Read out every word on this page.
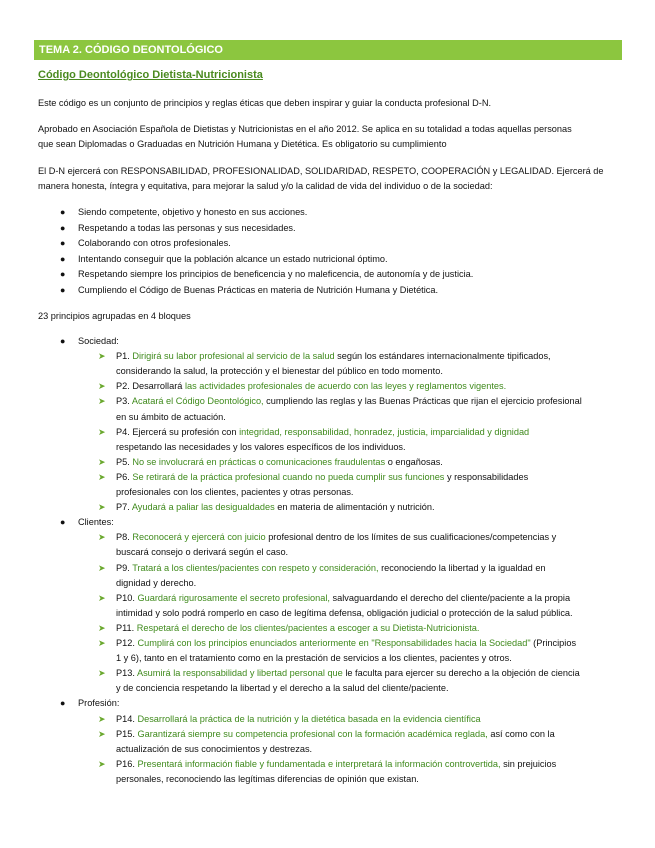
TEMA 2. CÓDIGO DEONTOLÓGICO
Código Deontológico Dietista-Nutricionista
Este código es un conjunto de principios y reglas éticas que deben inspirar y guiar la conducta profesional D-N.
Aprobado en Asociación Española de Dietistas y Nutricionistas en el año 2012. Se aplica en su totalidad a todas aquellas personas
que sean Diplomadas o Graduadas en Nutrición Humana y Dietética. Es obligatorio su cumplimiento
El D-N ejercerá con RESPONSABILIDAD, PROFESIONALIDAD, SOLIDARIDAD, RESPETO, COOPERACIÓN y LEGALIDAD. Ejercerá de
manera honesta, íntegra y equitativa, para mejorar la salud y/o la calidad de vida del individuo o de la sociedad:
23 principios agrupadas en 4 bloques
●	Siendo competente, objetivo y honesto en sus acciones.
●	Respetando a todas las personas y sus necesidades.
●	Colaborando con otros profesionales.
●	Intentando conseguir que la población alcance un estado nutricional óptimo.
●	Respetando siempre los principios de beneficencia y no maleficencia, de autonomía y de justicia.
●	Cumpliendo el Código de Buenas Prácticas en materia de Nutrición Humana y Dietética.
● Sociedad:
➤ P1. Dirigirá su labor profesional al servicio de la salud según los estándares internacionalmente tipificados,
considerando la salud, la protección y el bienestar del público en todo momento.
➤ P2. Desarrollará las actividades profesionales de acuerdo con las leyes y reglamentos vigentes.
➤ P3. Acatará el Código Deontológico, cumpliendo las reglas y las Buenas Prácticas que rijan el ejercicio profesional
en su ámbito de actuación.
➤ P4. Ejercerá su profesión con integridad, responsabilidad, honradez, justicia, imparcialidad y dignidad
respetando las necesidades y los valores específicos de los individuos.
➤ P5. No se involucrará en prácticas o comunicaciones fraudulentas o engañosas.
➤ P6. Se retirará de la práctica profesional cuando no pueda cumplir sus funciones y responsabilidades
profesionales con los clientes, pacientes y otras personas.
➤ P7. Ayudará a paliar las desigualdades en materia de alimentación y nutrición.
● Clientes:
➤ P8. Reconocerá y ejercerá con juicio profesional dentro de los límites de sus cualificaciones/competencias y
buscará consejo o derivará según el caso.
➤ P9. Tratará a los clientes/pacientes con respeto y consideración, reconociendo la libertad y la igualdad en
dignidad y derecho.
➤ P10. Guardará rigurosamente el secreto profesional, salvaguardando el derecho del cliente/paciente a la propia
intimidad y solo podrá romperlo en caso de legítima defensa, obligación judicial o protección de la salud pública.
➤ P11. Respetará el derecho de los clientes/pacientes a escoger a su Dietista-Nutricionista.
➤ P12. Cumplirá con los principios enunciados anteriormente en "Responsabilidades hacia la Sociedad" (Principios
1 y 6), tanto en el tratamiento como en la prestación de servicios a los clientes, pacientes y otros.
➤ P13. Asumirá la responsabilidad y libertad personal que le faculta para ejercer su derecho a la objeción de ciencia
y de conciencia respetando la libertad y el derecho a la salud del cliente/paciente.
● Profesión:
➤ P14. Desarrollará la práctica de la nutrición y la dietética basada en la evidencia científica
➤ P15. Garantizará siempre su competencia profesional con la formación académica reglada, así como con la
actualización de sus conocimientos y destrezas.
➤ P16. Presentará información fiable y fundamentada e interpretará la información controvertida, sin prejuicios
personales, reconociendo las legítimas diferencias de opinión que existan.
